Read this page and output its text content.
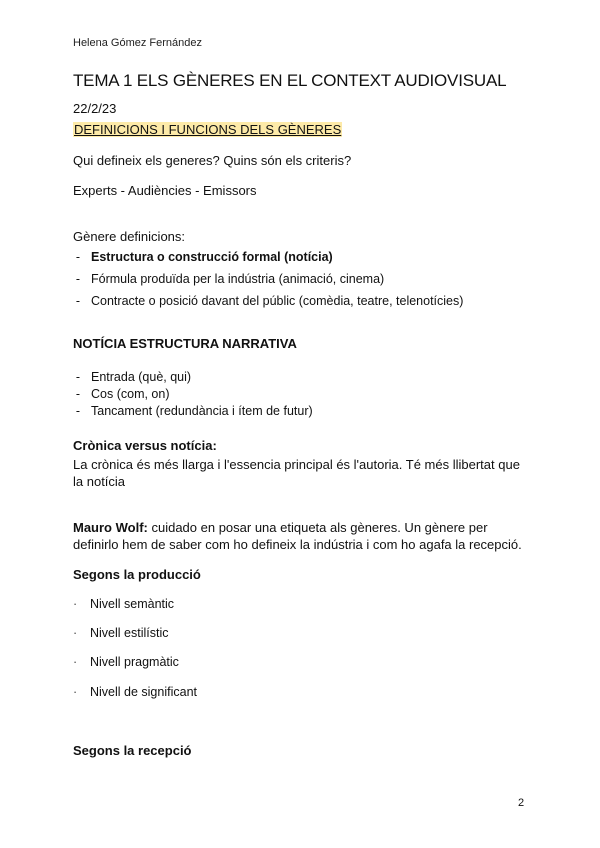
Helena Gómez Fernández
TEMA 1 ELS GÈNERES EN EL CONTEXT AUDIOVISUAL
22/2/23
DEFINICIONS I FUNCIONS DELS GÈNERES
Qui defineix els generes? Quins són els criteris?
Experts - Audiències - Emissors
Gènere definicions:
- Estructura o construcció formal (notícia)
- Fórmula produïda per la indústria (animació, cinema)
- Contracte o posició davant del públic (comèdia, teatre, telenotícies)
NOTÍCIA ESTRUCTURA NARRATIVA
- Entrada (què, qui)
- Cos (com, on)
- Tancament (redundància i ítem de futur)
Crònica versus notícia:
La crònica és més llarga i l'essencia principal és l'autoria. Té més llibertat que la notícia
Mauro Wolf: cuidado en posar una etiqueta als gèneres. Un gènere per definirlo hem de saber com ho defineix la indústria i com ho agafa la recepció.
Segons la producció
· Nivell semàntic
· Nivell estilístic
· Nivell pragmàtic
· Nivell de significant
Segons la recepció
2
